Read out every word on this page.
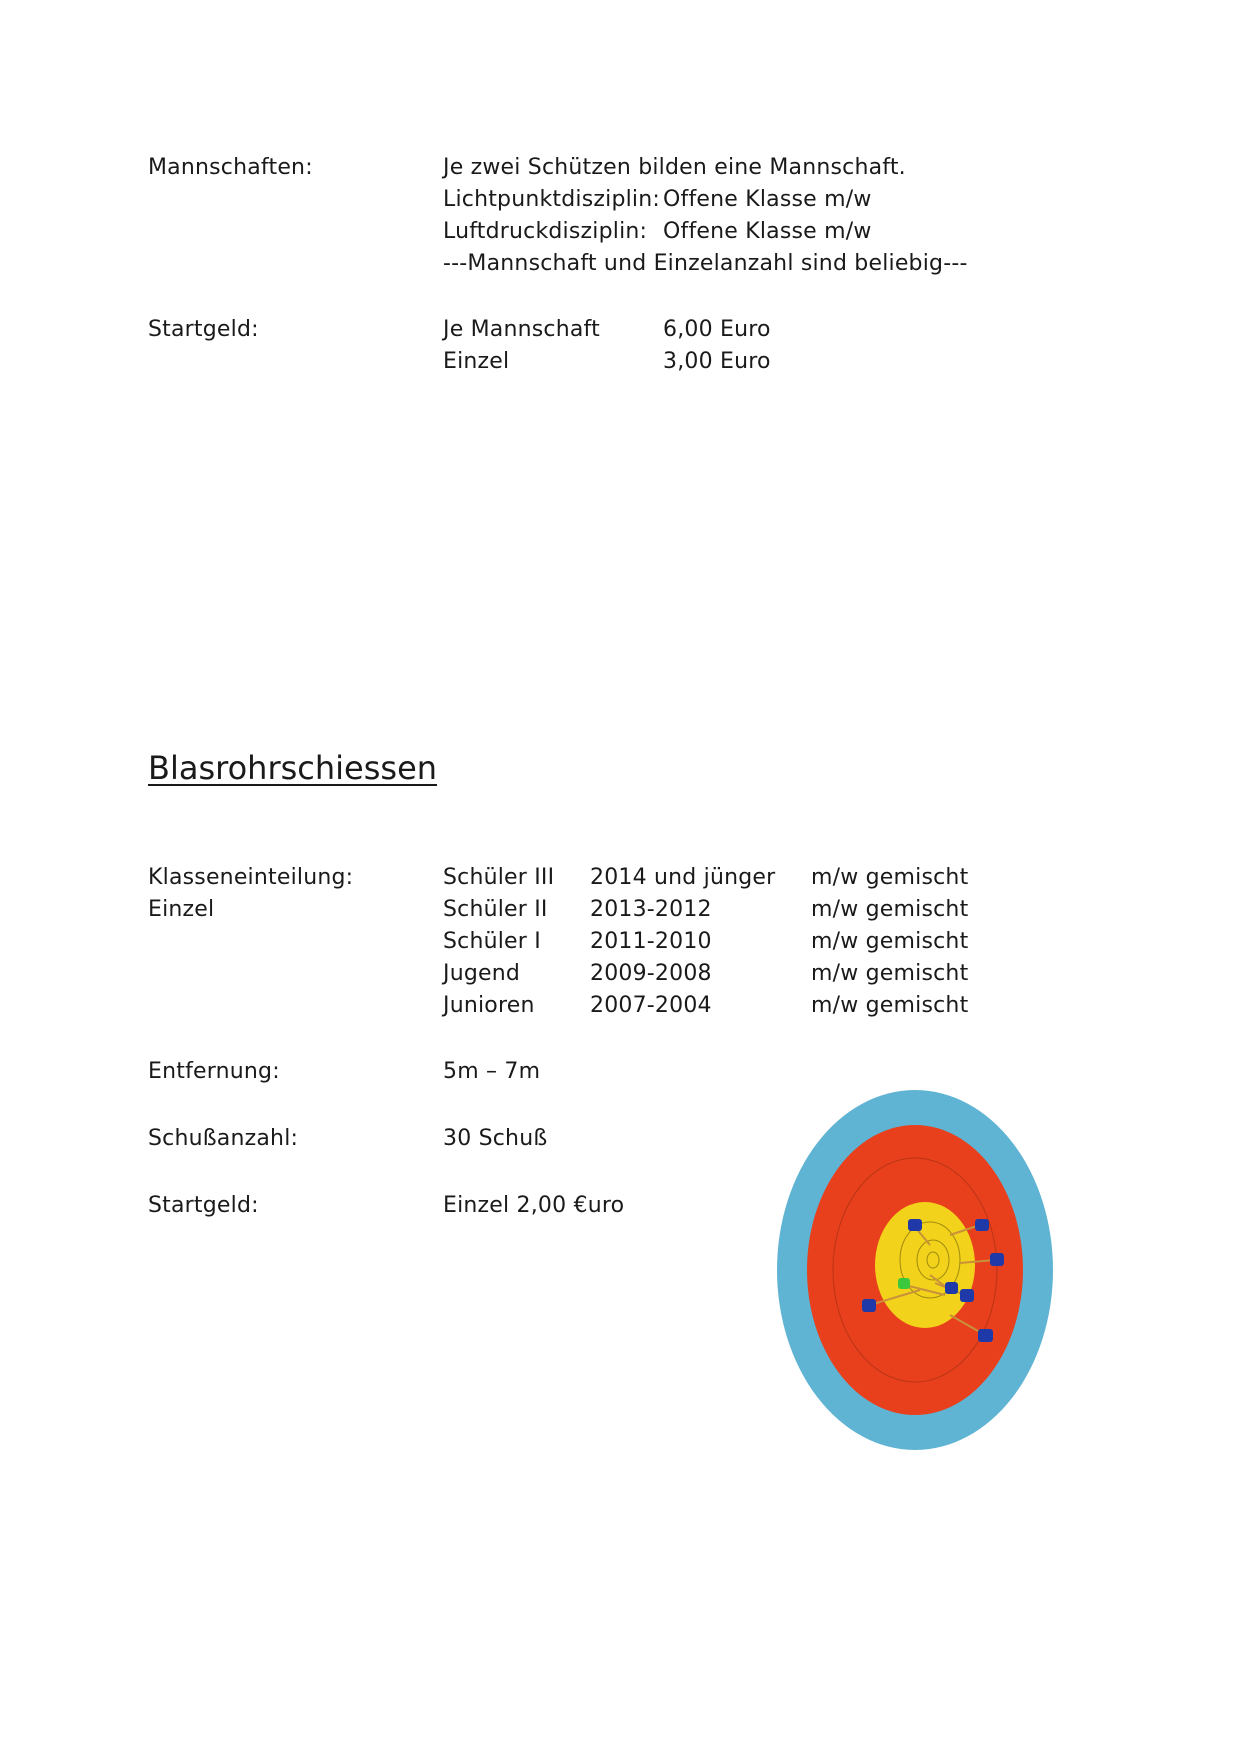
Mannschaften:	Je zwei Schützen bilden eine Mannschaft.
Lichtpunktdisziplin: Offene Klasse m/w
Luftdruckdisziplin: Offene Klasse m/w
---Mannschaft und Einzelanzahl sind beliebig---
Startgeld:	Je Mannschaft	6,00 Euro
Einzel	3,00 Euro
Blasrohrschiessen
Klasseneinteilung:
Einzel
Schüler III 2014 und jünger m/w gemischt
Schüler II 2013-2012	m/w gemischt
Schüler I 2011-2010	m/w gemischt
Jugend	2009-2008	m/w gemischt
Junioren	2007-2004	m/w gemischt
Entfernung:	5m – 7m
Schußanzahl:	30 Schuß
Startgeld:	Einzel 2,00 €uro
